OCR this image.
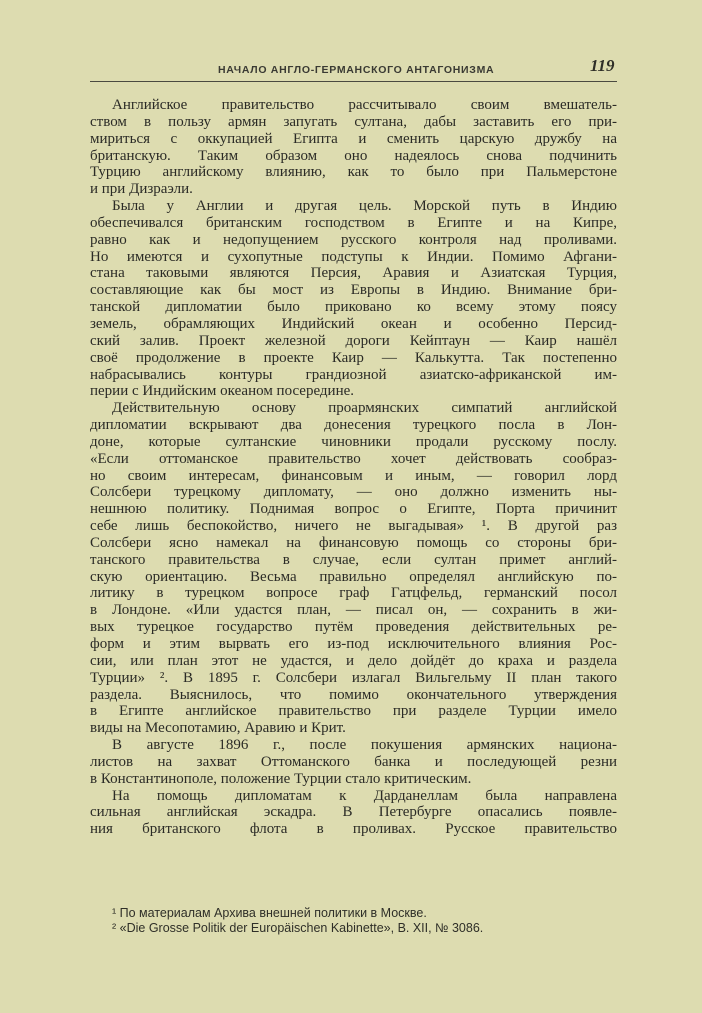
НАЧАЛО АНГЛО-ГЕРМАНСКОГО АНТАГОНИЗМА	119
Английское правительство рассчитывало своим вмешатель-
ством в пользу армян запугать султана, дабы заставить его при-
мириться с оккупацией Египта и сменить царскую дружбу на
британскую. Таким образом оно надеялось снова подчинить
Турцию английскому влиянию, как то было при Пальмерстоне
и при Дизраэли.
Была у Англии и другая цель. Морской путь в Индию
обеспечивался британским господством в Египте и на Кипре,
равно как и недопущением русского контроля над проливами.
Но имеются и сухопутные подступы к Индии. Помимо Афгани-
стана таковыми являются Персия, Аравия и Азиатская Турция,
составляющие как бы мост из Европы в Индию. Внимание бри-
танской дипломатии было приковано ко всему этому поясу
земель, обрамляющих Индийский океан и особенно Персид-
ский залив. Проект железной дороги Кейптаун — Каир нашёл
своё продолжение в проекте Каир — Калькутта. Так постепенно
набрасывались контуры грандиозной азиатско-африканской им-
перии с Индийским океаном посередине.
Действительную основу проармянских симпатий английской
дипломатии вскрывают два донесения турецкого посла в Лон-
доне, которые султанские чиновники продали русскому послу.
«Если оттоманское правительство хочет действовать сообраз-
но своим интересам, финансовым и иным, — говорил лорд
Солсбери турецкому дипломату, — оно должно изменить ны-
нешнюю политику. Поднимая вопрос о Египте, Порта причинит
себе лишь беспокойство, ничего не выгадывая» ¹. В другой раз
Солсбери ясно намекал на финансовую помощь со стороны бри-
танского правительства в случае, если султан примет англий-
скую ориентацию. Весьма правильно определял английскую по-
литику в турецком вопросе граф Гатцфельд, германский посол
в Лондоне. «Или удастся план, — писал он, — сохранить в жи-
вых турецкое государство путём проведения действительных ре-
форм и этим вырвать его из-под исключительного влияния Рос-
сии, или план этот не удастся, и дело дойдёт до краха и раздела
Турции» ². В 1895 г. Солсбери излагал Вильгельму II план такого
раздела. Выяснилось, что помимо окончательного утверждения
в Египте английское правительство при разделе Турции имело
виды на Месопотамию, Аравию и Крит.
В августе 1896 г., после покушения армянских национа-
листов на захват Оттоманского банка и последующей резни
в Константинополе, положение Турции стало критическим.
На помощь дипломатам к Дарданеллам была направлена
сильная английская эскадра. В Петербурге опасались появле-
ния британского флота в проливах. Русское правительство
¹ По материалам Архива внешней политики в Москве.
² «Die Grosse Politik der Europäischen Kabinette», B. XII, № 3086.
